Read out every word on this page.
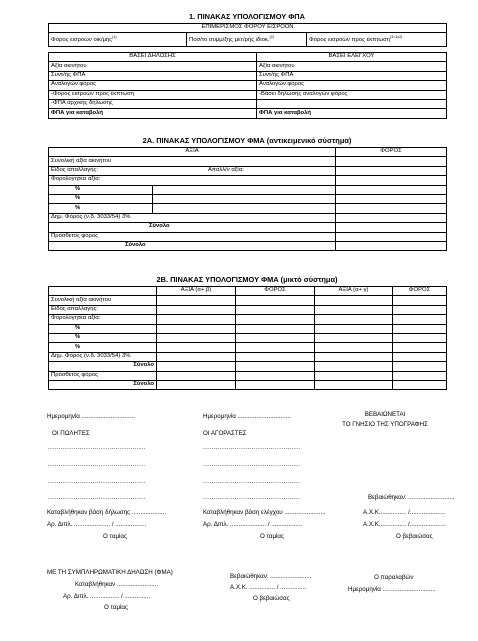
1. ΠΙΝΑΚΑΣ ΥΠΟΛΟΓΙΣΜΟΥ ΦΠΑ
ΕΠΙΜΕΡΙΣΜΟΣ ΦΟΡΟΥ ΕΙΣΡΟΩΝ
Φόρος εισροών οικ/μής$^{(1)}$	Ποσ/το συμμ/ξης μετ/ρής ιδιοκ.$^{(2)}$	Φόρος εισροών προς έκπτωση$^{(3=1x2)}$
ΒΑΣΕΙ ΔΗΛΩΣΗΣ	ΒΑΣΕΙ ΕΛΕΓΧΟΥ
Αξία ακινήτου	Αξία ακινήτου
Συντ/ής ΦΠΑ	Συντ/ής ΦΠΑ
Αναλογών φόρος	Αναλογών φόρος
-Φόρος εισροών προς έκπτωση	-Βάσει δήλωσης αναλογών φόρος
-ΦΠΑ αρχικής δήλωσης	
ΦΠΑ για καταβολή	ΦΠΑ για καταβολή
2Α. ΠΙΝΑΚΑΣ ΥΠΟΛΟΓΙΣΜΟΥ ΦΜΑ (αντικειμενικό σύστημα)
ΑΞΙΑ		ΦΟΡΟΣ
Συνολική αξία ακινήτου		
Είδος απαλλαγής: Απαλλ/ν αξία:		

Φορολογητέα αξία:		
%		
%		
%		
Δημ. Φόρος (ν.δ. 3033/54) 3%		
Σύνολο		
Πρόσθετος φόρος		
Σύνολο		
2Β. ΠΙΝΑΚΑΣ ΥΠΟΛΟΓΙΣΜΟΥ ΦΜΑ (μικτό σύστημα)
	ΑΞΙΑ (α+ β)	ΦΟΡΟΣ	ΑΞΙΑ (α+ γ)	ΦΟΡΟΣ
Συνολική αξία ακινήτου				
Είδος απαλλαγής:				
Φορολογητέα αξία:				
%				
%				
%				
Δημ. Φόρος (ν.δ. 3033/54) 3%				
Σύνολο				
Πρόσθετος φόρος				
Σύνολο				
Ημερομηνία ...............................	Ημερομηνία ...............................	ΒΕΒΑΙΩΝΕΤΑΙ
ΤΟ ΓΝΗΣΙΟ ΤΗΣ ΥΠΟΓΡΑΦΗΣ
ΟΙ ΠΩΛΗΤΕΣ	ΟΙ ΑΓΟΡΑΣΤΕΣ
..............................................
..............................................
..............................................
..............................................
..............................................
..............................................
..............................................
..............................................	Βεβαιώθηκαν: ...........................
Καταβλήθηκαν βάση δήλωσης ....................	Καταβλήθηκαν βάση ελέγχου ........................	Α.Χ.Κ................ /.....................
Αρ. Διπλ. ..................... / ..................	Αρ. Διπλ. ..................... / ..................	Α.Χ.Κ................ /.....................
Ο ταμίας	Ο ταμίας	Ο βεβαιώσας
ΜΕ ΤΗ ΣΥΜΠΛΗΡΩΜΑΤΙΚΗ ΔΗΛΩΣΗ (ΦΜΑ)
Καταβλήθηκαν ........................
Αρ. Διπλ. ................. / ...............
Ο ταμίας
Βεβαιώθηκαν: ........................
Α.Χ.Κ. ............... / ...............
Ο βεβαιώσας
Ο παραλαβών
Ημερομηνία ...............................
